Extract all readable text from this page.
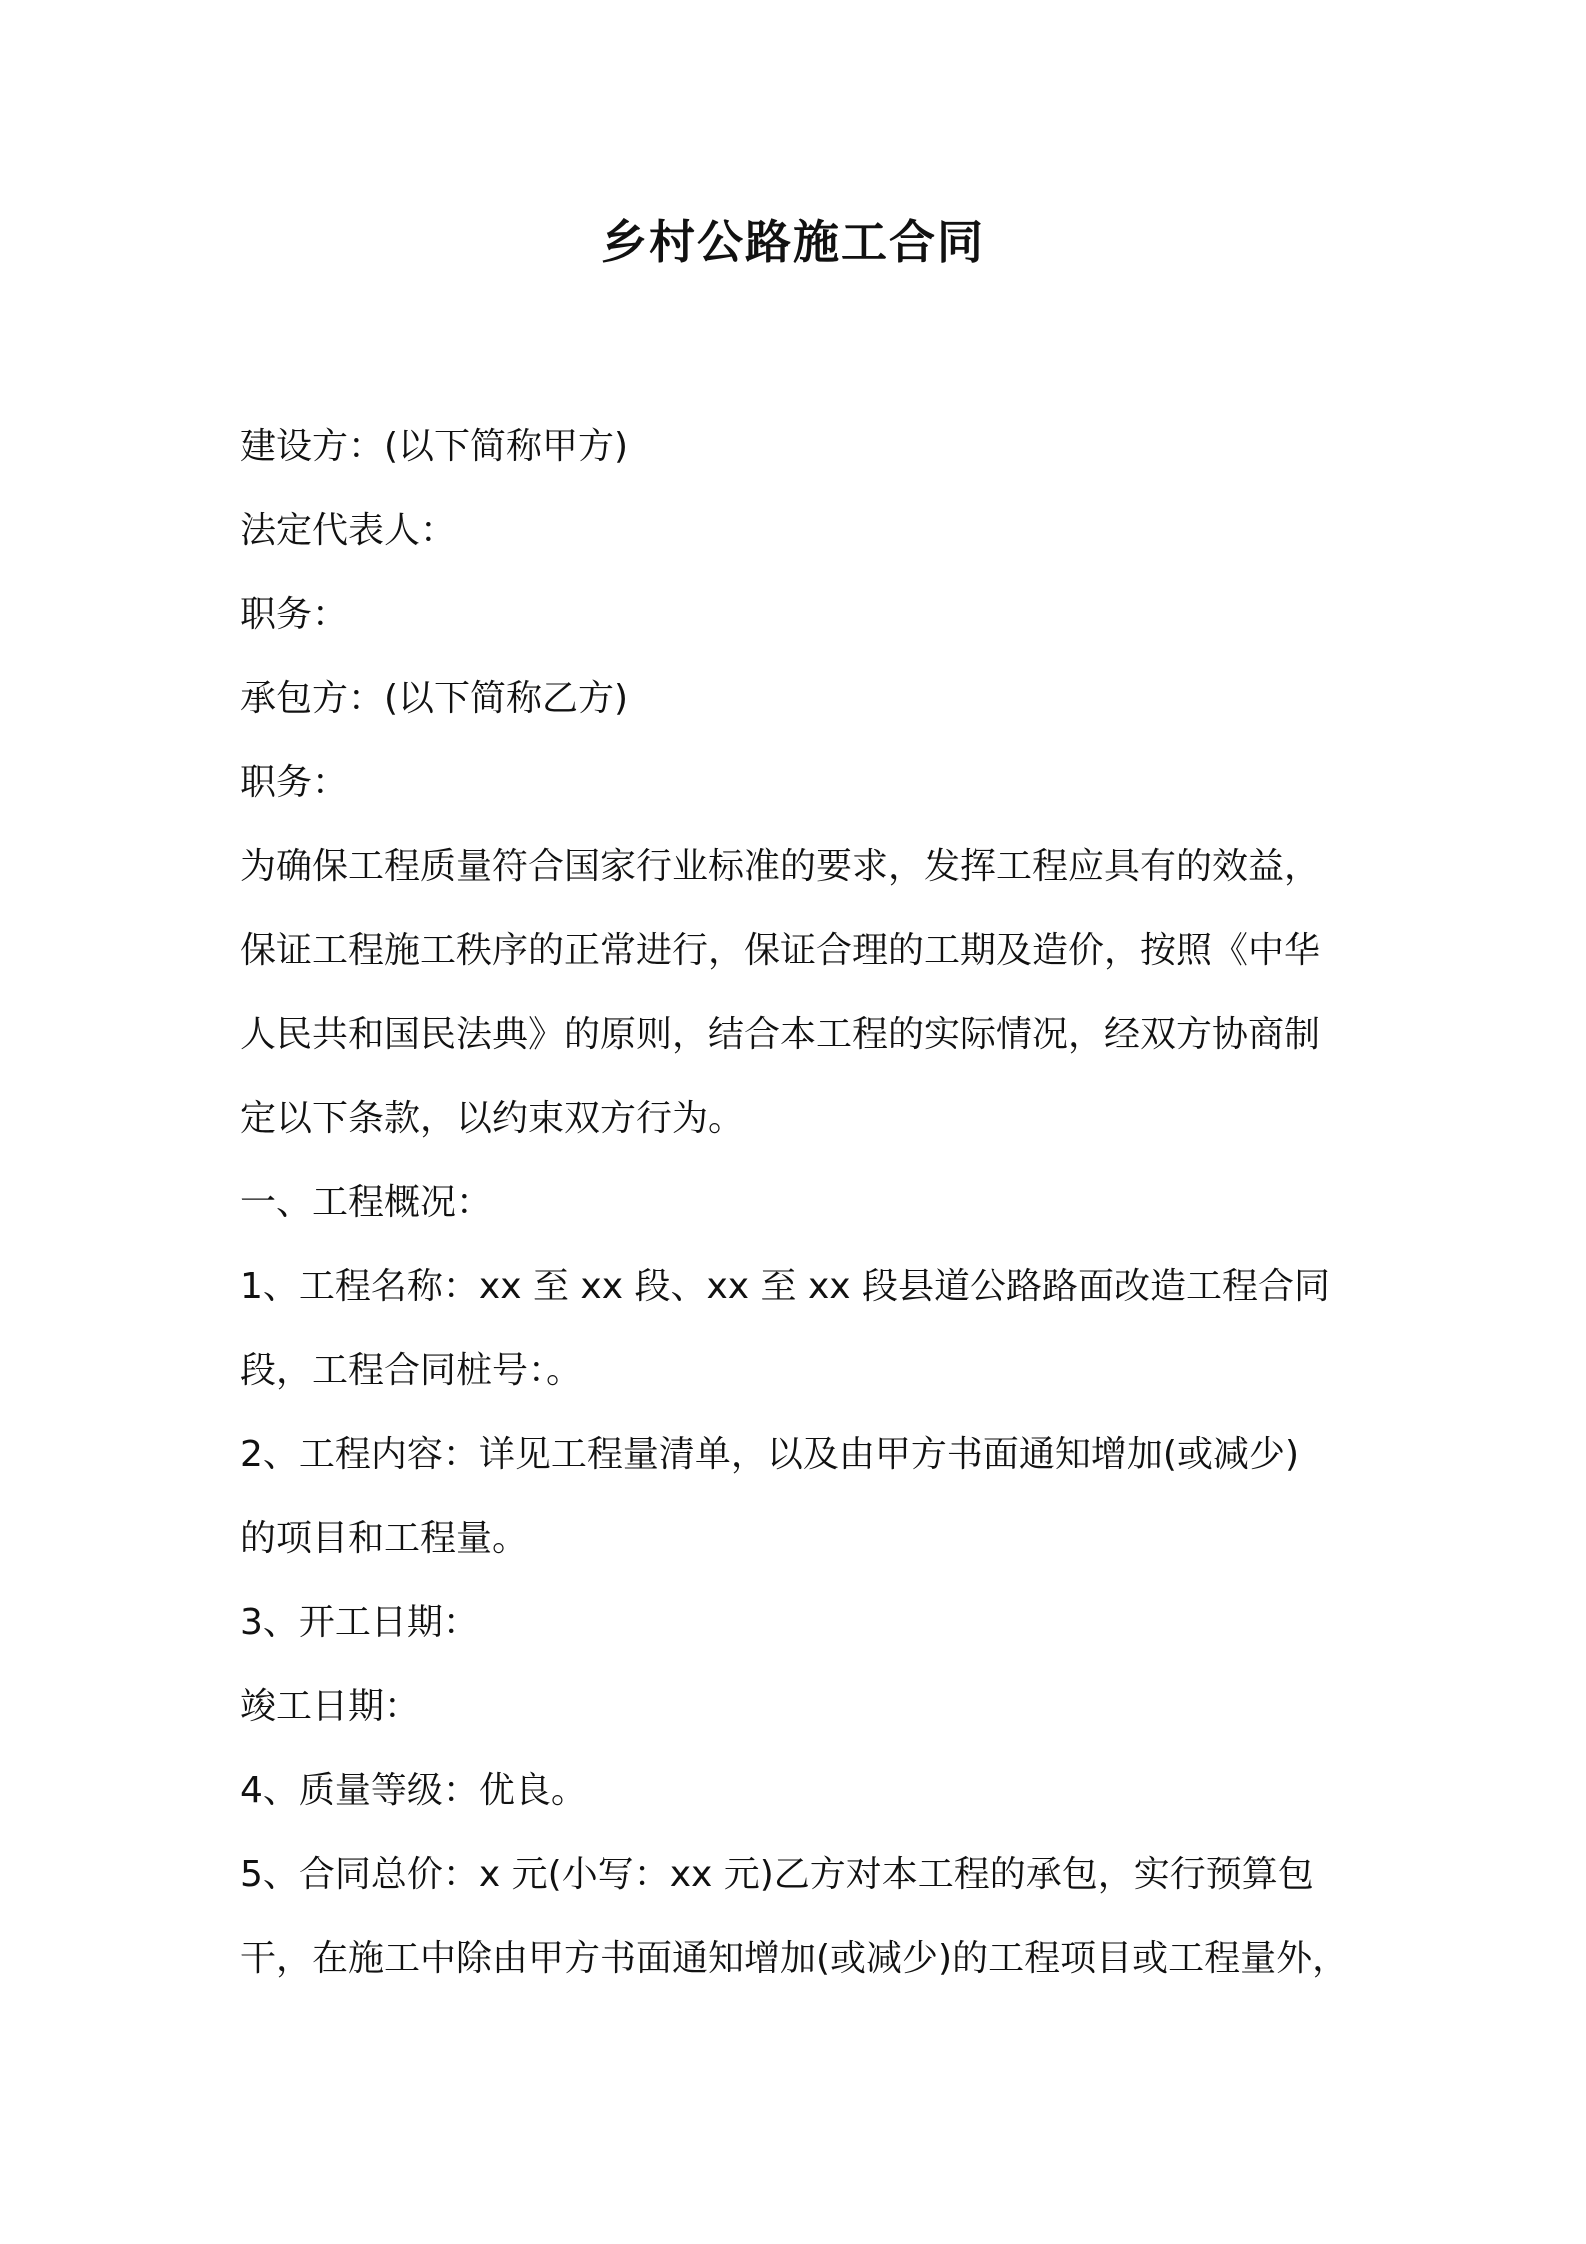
乡村公路施工合同
建设方：(以下简称甲方)
法定代表人：
职务：
承包方：(以下简称乙方)
职务：
为确保工程质量符合国家行业标准的要求，发挥工程应具有的效益，
保证工程施工秩序的正常进行，保证合理的工期及造价，按照《中华
人民共和国民法典》的原则，结合本工程的实际情况，经双方协商制
定以下条款，以约束双方行为。
一、工程概况：
1、工程名称：xx 至 xx 段、xx 至 xx 段县道公路路面改造工程合同
段，工程合同桩号：。
2、工程内容：详见工程量清单，以及由甲方书面通知增加(或减少)
的项目和工程量。
3、开工日期：
竣工日期：
4、质量等级：优良。
5、合同总价：x 元(小写：xx 元)乙方对本工程的承包，实行预算包
干，在施工中除由甲方书面通知增加(或减少)的工程项目或工程量外，
